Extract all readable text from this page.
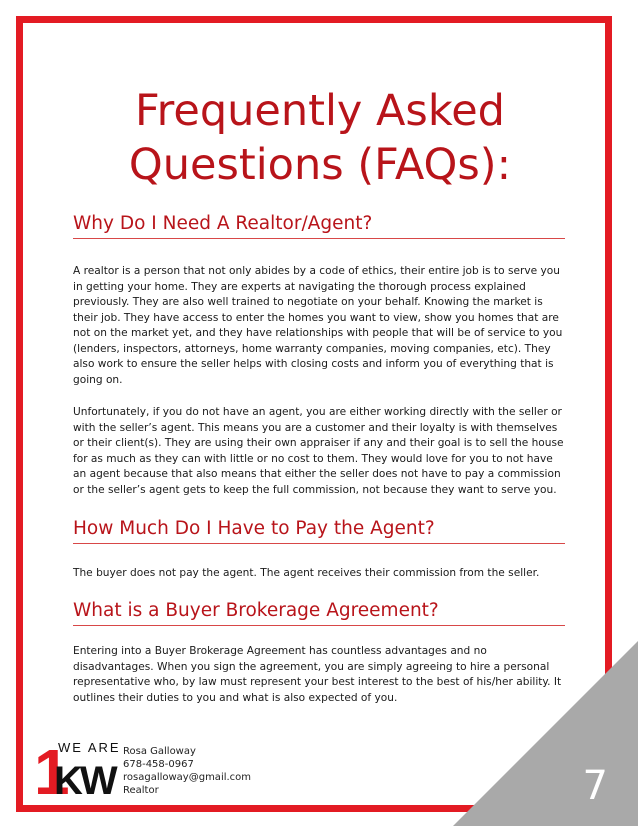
Frequently Asked Questions (FAQs):
Why Do I Need A Realtor/Agent?

A realtor is a person that not only abides by a code of ethics, their entire job is to serve you in getting your home. They are experts at navigating the thorough process explained previously. They are also well trained to negotiate on your behalf. Knowing the market is their job. They have access to enter the homes you want to view, show you homes that are not on the market yet, and they have relationships with people that will be of service to you (lenders, inspectors, attorneys, home warranty companies, moving companies, etc). They also work to ensure the seller helps with closing costs and inform you of everything that is going on.

Unfortunately, if you do not have an agent, you are either working directly with the seller or with the seller’s agent. This means you are a customer and their loyalty is with themselves or their client(s). They are using their own appraiser if any and their goal is to sell the house for as much as they can with little or no cost to them. They would love for you to not have an agent because that also means that either the seller does not have to pay a commission or the seller’s agent gets to keep the full commission, not because they want to serve you.

How Much Do I Have to Pay the Agent?

The buyer does not pay the agent. The agent receives their commission from the seller.

What is a Buyer Brokerage Agreement?

Entering into a Buyer Brokerage Agreement has countless advantages and no disadvantages. When you sign the agreement, you are simply agreeing to hire a personal representative who, by law must represent your best interest to the best of his/her ability. It outlines their duties to you and what is also expected of you.

1
WE ARE
KW
Rosa Galloway
678-458-0967
rosagalloway@gmail.com
Realtor	7
